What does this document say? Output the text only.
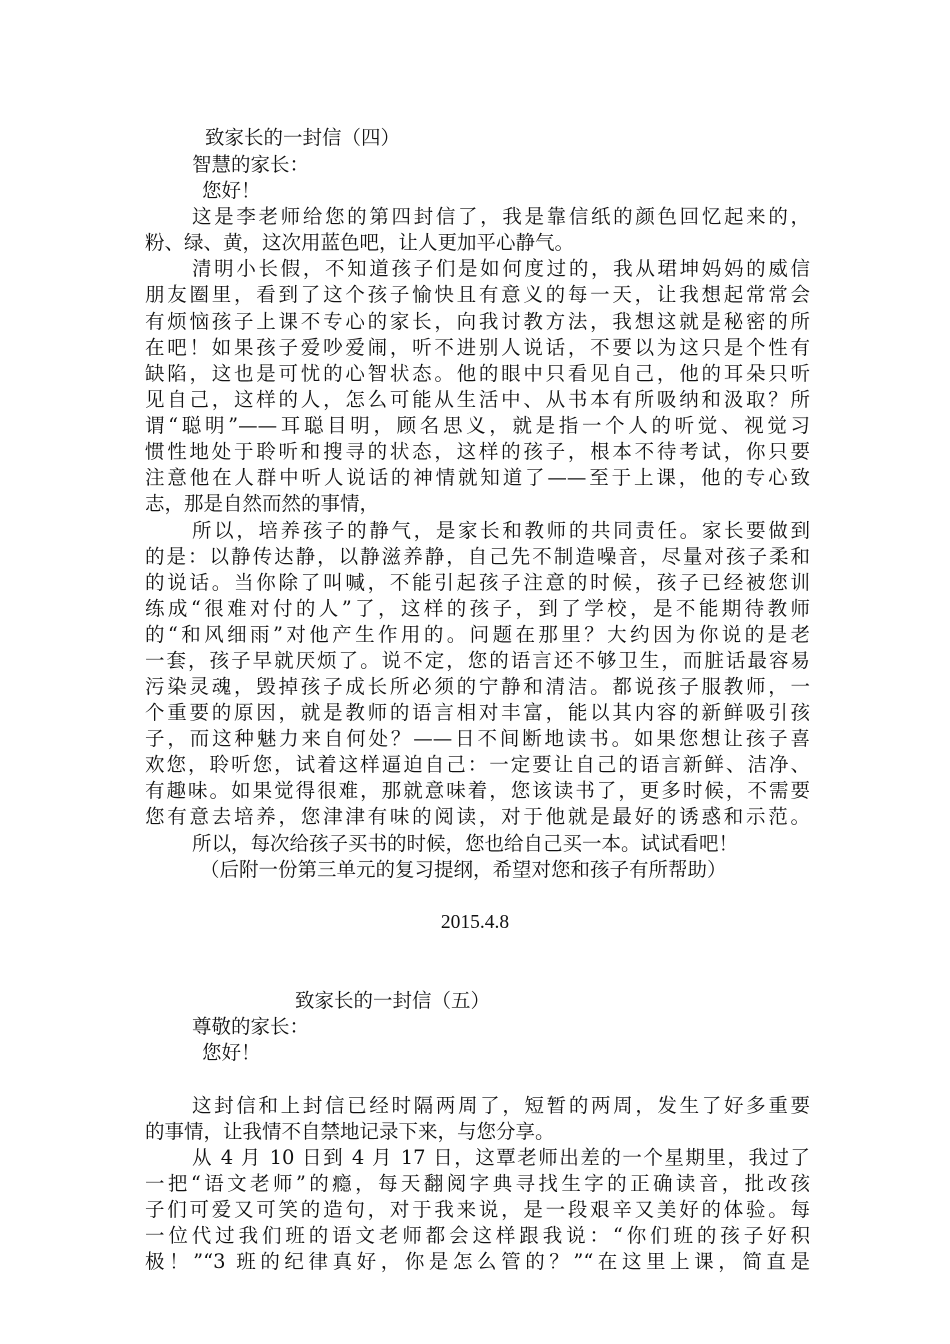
致家长的一封信（四）
智慧的家长：
您好！
这是李老师给您的第四封信了，我是靠信纸的颜色回忆起来的，
粉、绿、黄，这次用蓝色吧，让人更加平心静气。
清明小长假，不知道孩子们是如何度过的，我从珺坤妈妈的威信
朋友圈里，看到了这个孩子愉快且有意义的每一天，让我想起常常会
有烦恼孩子上课不专心的家长，向我讨教方法，我想这就是秘密的所
在吧！如果孩子爱吵爱闹，听不进别人说话，不要以为这只是个性有
缺陷，这也是可忧的心智状态。他的眼中只看见自己，他的耳朵只听
见自己，这样的人，怎么可能从生活中、从书本有所吸纳和汲取？所
谓“聪明”——耳聪目明，顾名思义，就是指一个人的听觉、视觉习
惯性地处于聆听和搜寻的状态，这样的孩子，根本不待考试，你只要
注意他在人群中听人说话的神情就知道了——至于上课，他的专心致
志，那是自然而然的事情，
所以，培养孩子的静气，是家长和教师的共同责任。家长要做到
的是：以静传达静，以静滋养静，自己先不制造噪音，尽量对孩子柔和
的说话。当你除了叫喊，不能引起孩子注意的时候，孩子已经被您训
练成“很难对付的人”了，这样的孩子，到了学校，是不能期待教师
的“和风细雨”对他产生作用的。问题在那里？大约因为你说的是老
一套，孩子早就厌烦了。说不定，您的语言还不够卫生，而脏话最容易
污染灵魂，毁掉孩子成长所必须的宁静和清洁。都说孩子服教师，一
个重要的原因，就是教师的语言相对丰富，能以其内容的新鲜吸引孩
子，而这种魅力来自何处？——日不间断地读书。如果您想让孩子喜
欢您，聆听您，试着这样逼迫自己：一定要让自己的语言新鲜、洁净、
有趣味。如果觉得很难，那就意味着，您该读书了，更多时候，不需要
您有意去培养，您津津有味的阅读，对于他就是最好的诱惑和示范。
所以，每次给孩子买书的时候，您也给自己买一本。试试看吧！
（后附一份第三单元的复习提纲，希望对您和孩子有所帮助）
2015.4.8
致家长的一封信（五）
尊敬的家长：
您好！
这封信和上封信已经时隔两周了，短暂的两周，发生了好多重要
的事情，让我情不自禁地记录下来，与您分享。
从 4 月 10 日到 4 月 17 日，这覃老师出差的一个星期里，我过了
一把“语文老师”的瘾，每天翻阅字典寻找生字的正确读音，批改孩
子们可爱又可笑的造句，对于我来说，是一段艰辛又美好的体验。每
一位代过我们班的语文老师都会这样跟我说：“你们班的孩子好积
极！”“3 班的纪律真好，你是怎么管的？”“在这里上课，简直是
